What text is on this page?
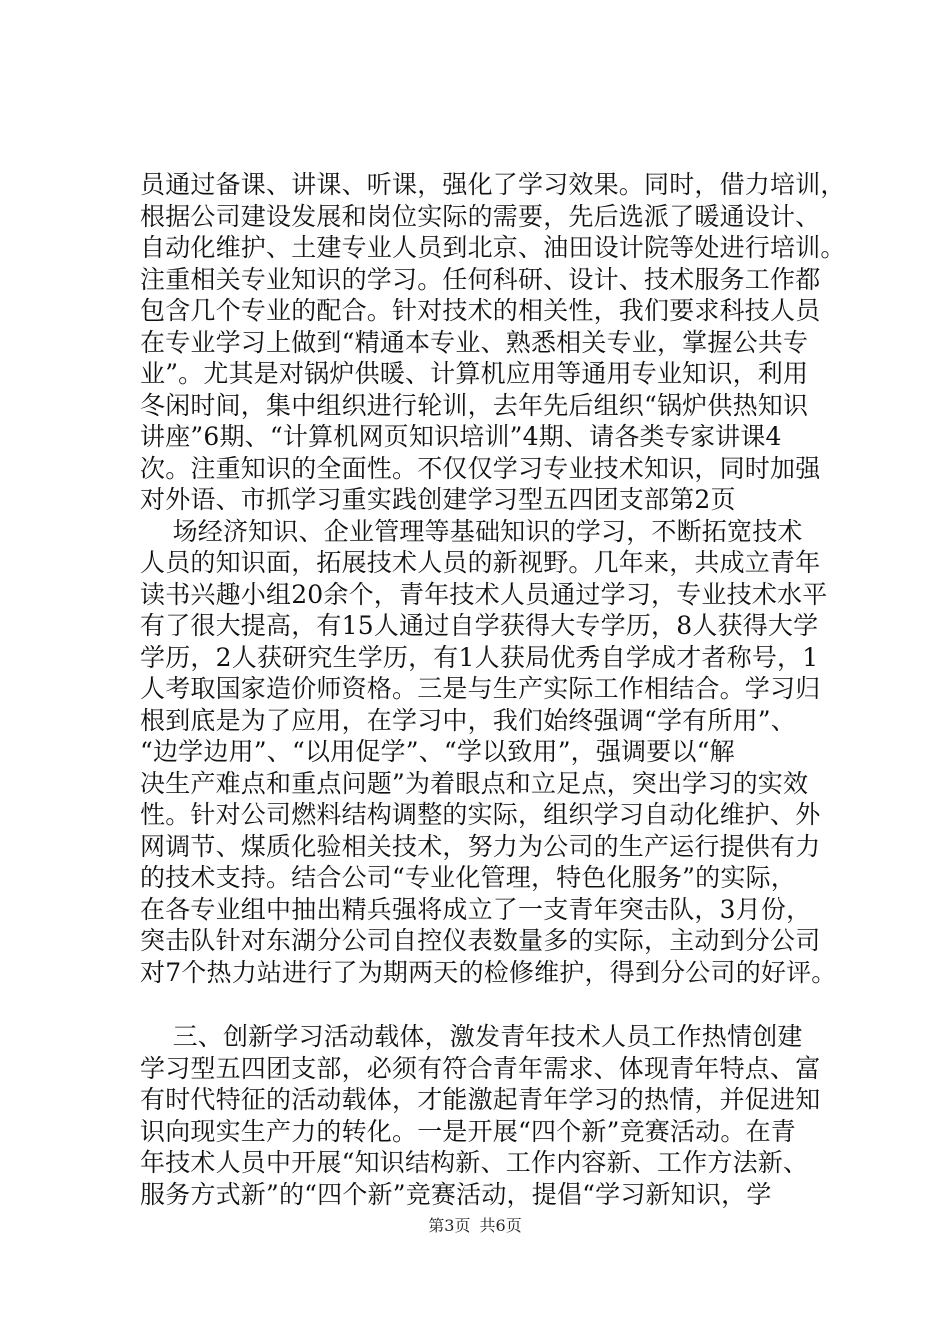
员通过备课、讲课、听课，强化了学习效果。同时，借力培训，
根据公司建设发展和岗位实际的需要，先后选派了暖通设计、
自动化维护、土建专业人员到北京、油田设计院等处进行培训。
注重相关专业知识的学习。任何科研、设计、技术服务工作都
包含几个专业的配合。针对技术的相关性，我们要求科技人员
在专业学习上做到“精通本专业、熟悉相关专业，掌握公共专
业”。尤其是对锅炉供暖、计算机应用等通用专业知识，利用
冬闲时间，集中组织进行轮训，去年先后组织“锅炉供热知识
讲座”6期、“计算机网页知识培训”4期、请各类专家讲课4
次。注重知识的全面性。不仅仅学习专业技术知识，同时加强
对外语、市抓学习重实践创建学习型五四团支部第2页
场经济知识、企业管理等基础知识的学习，不断拓宽技术
人员的知识面，拓展技术人员的新视野。几年来，共成立青年
读书兴趣小组20余个，青年技术人员通过学习，专业技术水平
有了很大提高，有15人通过自学获得大专学历，8人获得大学
学历，2人获研究生学历，有1人获局优秀自学成才者称号，1
人考取国家造价师资格。三是与生产实际工作相结合。学习归
根到底是为了应用，在学习中，我们始终强调“学有所用”、
“边学边用”、“以用促学”、“学以致用”，强调要以“解
决生产难点和重点问题”为着眼点和立足点，突出学习的实效
性。针对公司燃料结构调整的实际，组织学习自动化维护、外
网调节、煤质化验相关技术，努力为公司的生产运行提供有力
的技术支持。结合公司“专业化管理，特色化服务”的实际，
在各专业组中抽出精兵强将成立了一支青年突击队，3月份，
突击队针对东湖分公司自控仪表数量多的实际，主动到分公司
对7个热力站进行了为期两天的检修维护，得到分公司的好评。
三、创新学习活动载体，激发青年技术人员工作热情创建
学习型五四团支部，必须有符合青年需求、体现青年特点、富
有时代特征的活动载体，才能激起青年学习的热情，并促进知
识向现实生产力的转化。一是开展“四个新”竞赛活动。在青
年技术人员中开展“知识结构新、工作内容新、工作方法新、
服务方式新”的“四个新”竞赛活动，提倡“学习新知识，学
第3页 共6页
